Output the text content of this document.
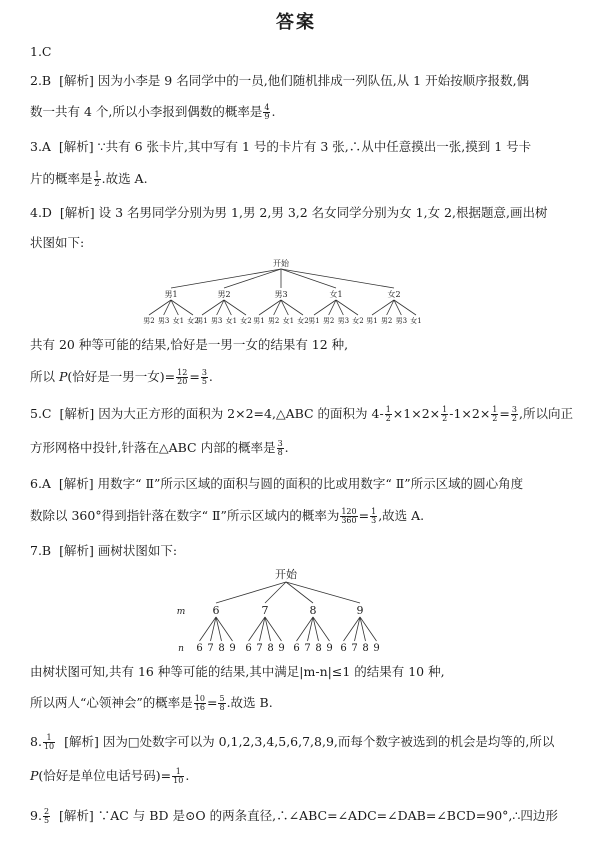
答案
1.C
2.B [解析] 因为小李是 9 名同学中的一员,他们随机排成一列队伍,从 1 开始按顺序报数,偶
数一共有 4 个,所以小李报到偶数的概率是 $\frac{4}{9}$ .
3.A [解析] ∵共有 6 张卡片,其中写有 1 号的卡片有 3 张,∴从中任意摸出一张,摸到 1 号卡
片的概率是 $\frac{1}{2}$ .故选 A.
4.D [解析] 设 3 名男同学分别为男 1,男 2,男 3,2 名女同学分别为女 1,女 2,根据题意,画出树
状图如下:
开始
男1
男2 男3 女1 女2
男2
男1 男3 女1 女2
男3
男1 男2 女1 女2
女1
男1 男2 男3 女2
女2
男1 男2 男3 女1
共有 20 种等可能的结果,恰好是一男一女的结果有 12 种,
所以 P(恰好是一男一女)= $\frac{12}{20} = \frac{3}{5}$ .
5.C [解析] 因为大正方形的面积为 2×2=4,△ABC 的面积为 $4- \frac{1}{2} \times 1\times 2\times \frac{1}{2} -1\times 2\times \frac{1}{2} = \frac{3}{2}$ ,所以向正
方形网格中投针,针落在△ABC 内部的概率是 $\frac{3}{8}$ .
6.A [解析] 用数字“ Ⅱ”所示区域的面积与圆的面积的比或用数字“ Ⅱ”所示区域的圆心角度
数除以 360°得到指针落在数字“ Ⅱ”所示区域内的概率为 $\frac{120}{360} = \frac{1}{3}$ ,故选 A.
7.B [解析] 画树状图如下:
开始
m
n
6
6 7 8 9
7
6 7 8 9
8
6 7 8 9
9
6 7 8 9
由树状图可知,共有 16 种等可能的结果,其中满足|m-n|≤1 的结果有 10 种,
所以两人“心领神会”的概率是 $\frac{10}{16} = \frac{5}{8}$ .故选 B.
8. $\frac{1}{10}$ [解析] 因为□处数字可以为 0,1,2,3,4,5,6,7,8,9,而每个数字被选到的机会是均等的,所以
P(恰好是单位电话号码)= $\frac{1}{10}$ .
9. $\frac{2}{5}$ [解析] ∵AC 与 BD 是⊙O 的两条直径,∴∠ABC=∠ADC=∠DAB=∠BCD=90°,∴四边形
